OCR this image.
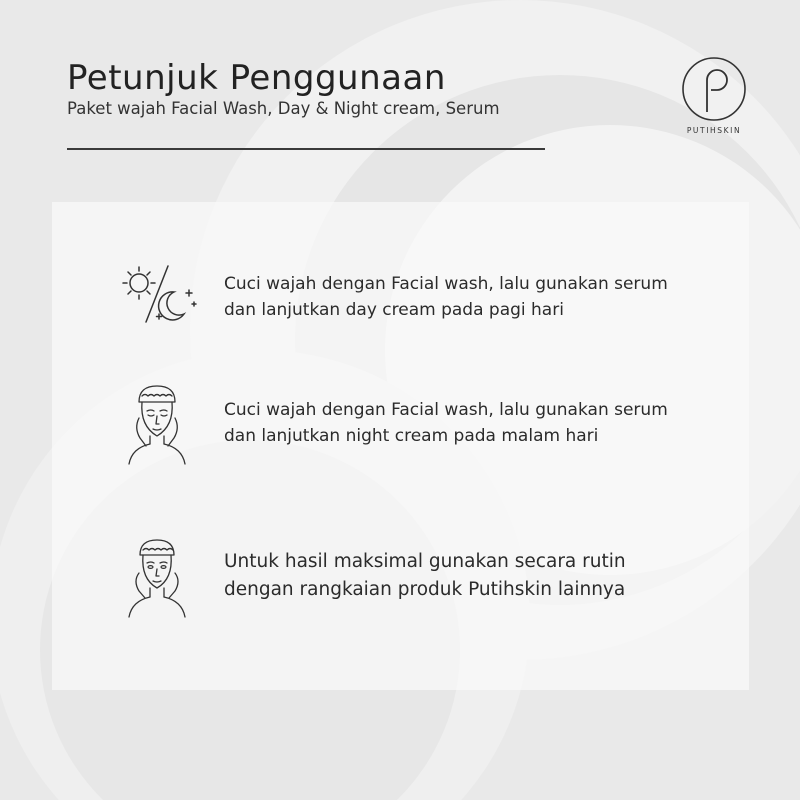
Petunjuk Penggunaan

Paket wajah Facial Wash, Day & Night cream, Serum

PUTIHSKIN
Cuci wajah dengan Facial wash, lalu gunakan serum
dan lanjutkan day cream pada pagi hari
Cuci wajah dengan Facial wash, lalu gunakan serum
dan lanjutkan night cream pada malam hari
Untuk hasil maksimal gunakan secara rutin
dengan rangkaian produk Putihskin lainnya
